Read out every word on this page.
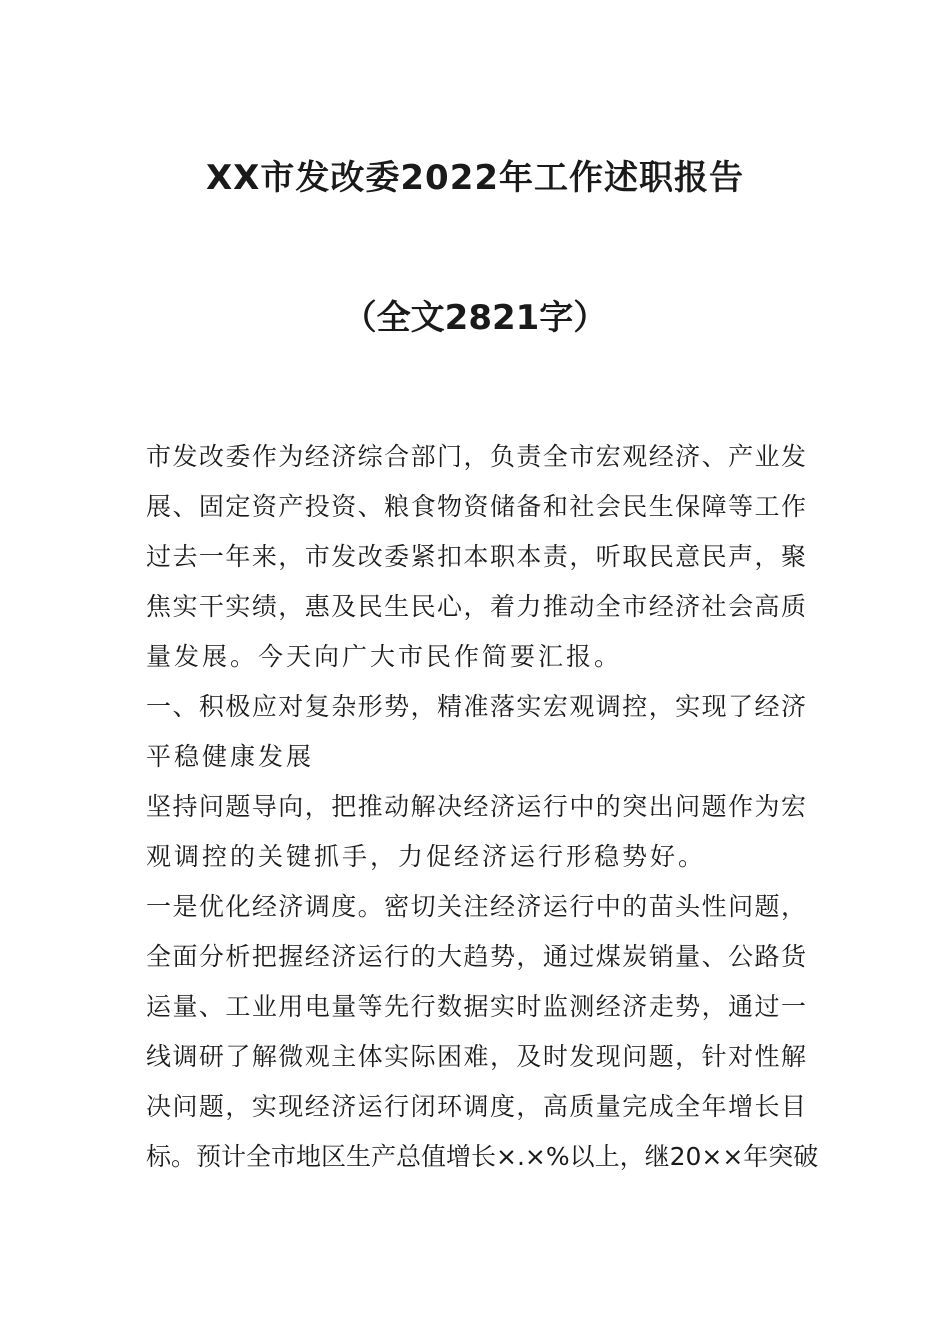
XX市发改委2022年工作述职报告
（全文2821字）
市发改委作为经济综合部门，负责全市宏观经济、产业发
展、固定资产投资、粮食物资储备和社会民生保障等工作
过去一年来，市发改委紧扣本职本责，听取民意民声，聚
焦实干实绩，惠及民生民心，着力推动全市经济社会高质
量发展。今天向广大市民作简要汇报。
一、积极应对复杂形势，精准落实宏观调控，实现了经济
平稳健康发展
坚持问题导向，把推动解决经济运行中的突出问题作为宏
观调控的关键抓手，力促经济运行形稳势好。
一是优化经济调度。密切关注经济运行中的苗头性问题，
全面分析把握经济运行的大趋势，通过煤炭销量、公路货
运量、工业用电量等先行数据实时监测经济走势，通过一
线调研了解微观主体实际困难，及时发现问题，针对性解
决问题，实现经济运行闭环调度，高质量完成全年增长目
标。预计全市地区生产总值增长×.×%以上，继20××年突破
